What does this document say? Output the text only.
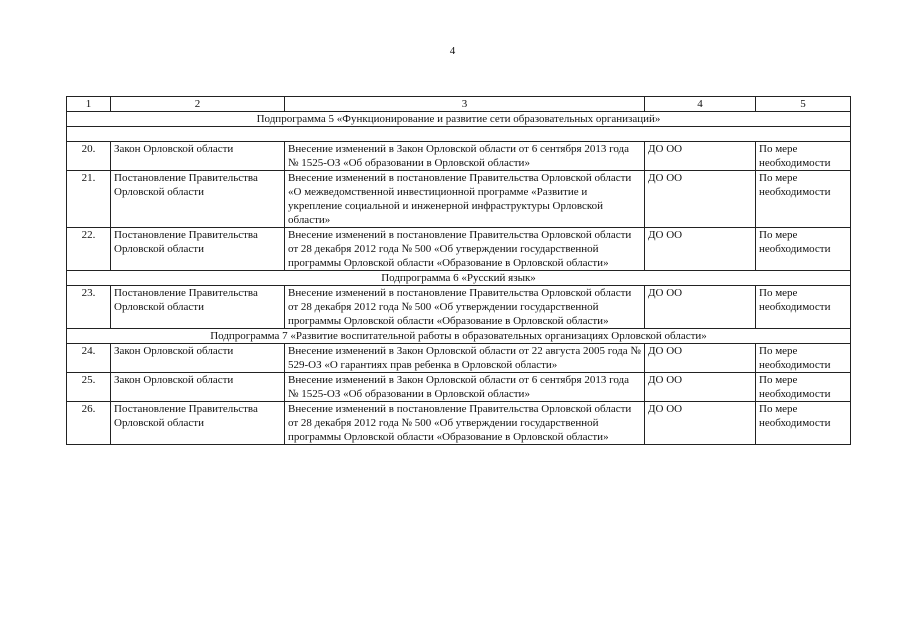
4
1	2	3	4	5
Подпрограмма 5 «Функционирование и развитие сети образовательных организаций»				

20.	Закон Орловской области	Внесение изменений в Закон Орловской области от 6 сентября 2013 года № 1525-ОЗ «Об образовании в Орловской области»	ДО ОО	По мере необходимости
21.	Постановление Правительства Орловской области	Внесение изменений в постановление Правительства Орловской области «О межведомственной инвестиционной программе «Развитие и укрепление социальной и инженерной инфраструктуры Орловской области»	ДО ОО	По мере необходимости
22.	Постановление Правительства Орловской области	Внесение изменений в постановление Правительства Орловской области от 28 декабря 2012 года № 500 «Об утверждении государственной программы Орловской области «Образование в Орловской области»	ДО ОО	По мере необходимости
Подпрограмма 6 «Русский язык»				
23.	Постановление Правительства Орловской области	Внесение изменений в постановление Правительства Орловской области от 28 декабря 2012 года № 500 «Об утверждении государственной программы Орловской области «Образование в Орловской области»	ДО ОО	По мере необходимости
Подпрограмма 7 «Развитие воспитательной работы в образовательных организациях Орловской области»				
24.	Закон Орловской области	Внесение изменений в Закон Орловской области от 22 августа 2005 года № 529-ОЗ «О гарантиях прав ребенка в Орловской области»	ДО ОО	По мере необходимости
25.	Закон Орловской области	Внесение изменений в Закон Орловской области от 6 сентября 2013 года № 1525-ОЗ «Об образовании в Орловской области»	ДО ОО	По мере необходимости
26.	Постановление Правительства Орловской области	Внесение изменений в постановление Правительства Орловской области от 28 декабря 2012 года № 500 «Об утверждении государственной программы Орловской области «Образование в Орловской области»	ДО ОО	По мере необходимости
